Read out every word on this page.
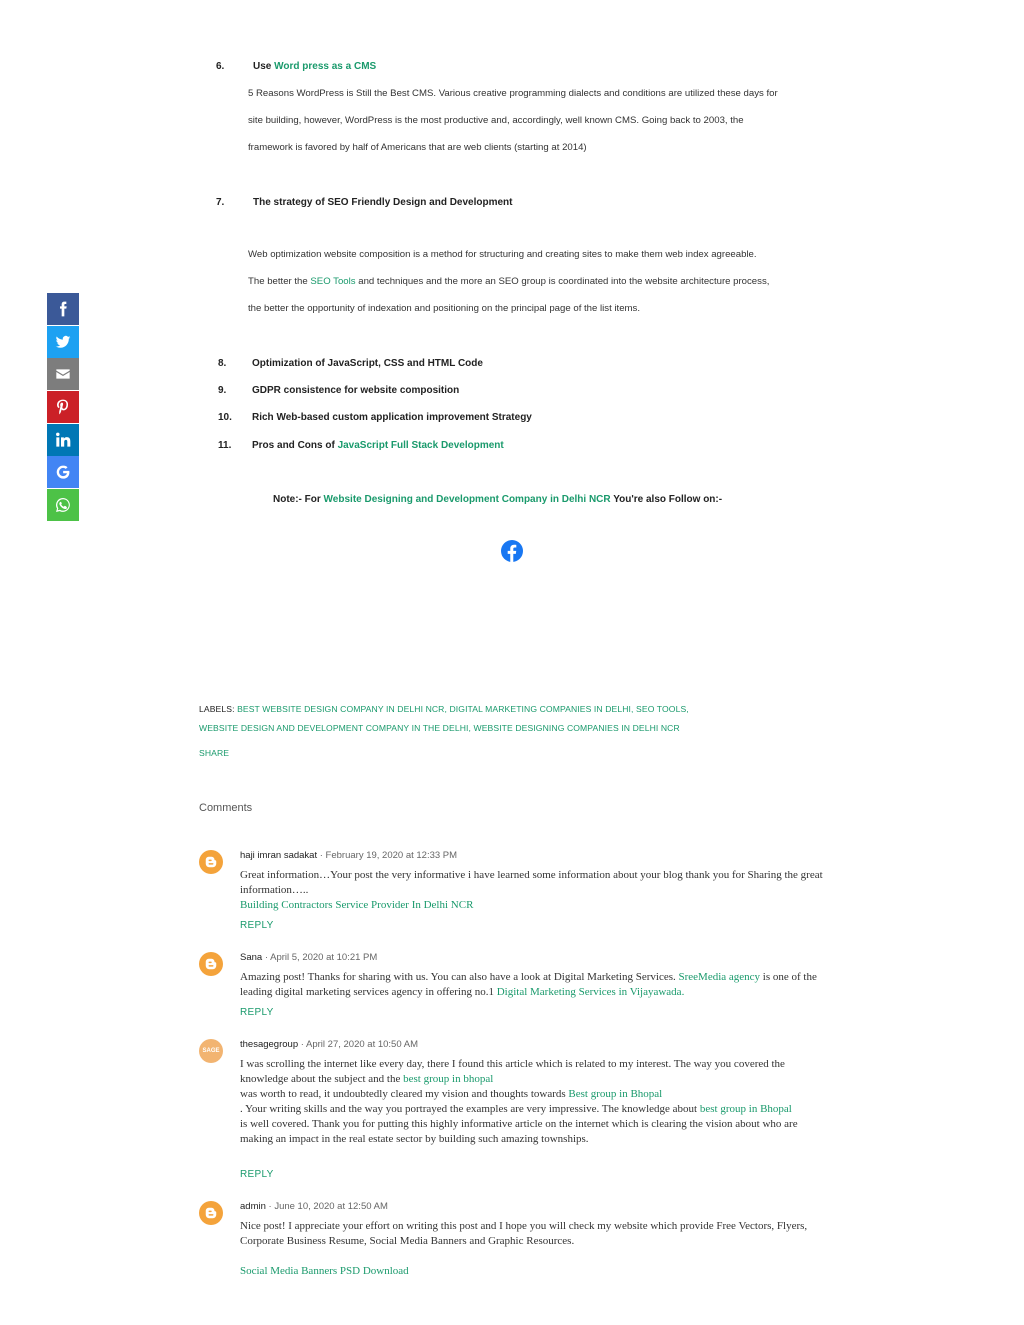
6.	Use Word press as a CMS
5 Reasons WordPress is Still the Best CMS. Various creative programming dialects and conditions are utilized these days for
site building, however, WordPress is the most productive and, accordingly, well known CMS. Going back to 2003, the
framework is favored by half of Americans that are web clients (starting at 2014)
7.	The strategy of SEO Friendly Design and Development
Web optimization website composition is a method for structuring and creating sites to make them web index agreeable.
The better the SEO Tools and techniques and the more an SEO group is coordinated into the website architecture process,
the better the opportunity of indexation and positioning on the principal page of the list items.
8.	Optimization of JavaScript, CSS and HTML Code
9.	GDPR consistence for website composition
10. Rich Web-based custom application improvement Strategy
11. Pros and Cons of JavaScript Full Stack Development
Note:- For Website Designing and Development Company in Delhi NCR You're also Follow on:-
LABELS: BEST WEBSITE DESIGN COMPANY IN DELHI NCR, DIGITAL MARKETING COMPANIES IN DELHI, SEO TOOLS,
WEBSITE DESIGN AND DEVELOPMENT COMPANY IN THE DELHI, WEBSITE DESIGNING COMPANIES IN DELHI NCR
SHARE
Comments
haji imran sadakat · February 19, 2020 at 12:33 PM
Great information…Your post the very informative i have learned some information about your blog thank you for Sharing the great information…..
Building Contractors Service Provider In Delhi NCR
REPLY
Sana · April 5, 2020 at 10:21 PM
Amazing post! Thanks for sharing with us. You can also have a look at Digital Marketing Services. SreeMedia agency is one of the leading digital marketing services agency in offering no.1 Digital Marketing Services in Vijayawada.
REPLY
SAGE
thesagegroup · April 27, 2020 at 10:50 AM
I was scrolling the internet like every day, there I found this article which is related to my interest. The way you covered the knowledge about the subject and the best group in bhopal
was worth to read, it undoubtedly cleared my vision and thoughts towards Best group in Bhopal
. Your writing skills and the way you portrayed the examples are very impressive. The knowledge about best group in Bhopal
is well covered. Thank you for putting this highly informative article on the internet which is clearing the vision about who are making an impact in the real estate sector by building such amazing townships.
REPLY
admin · June 10, 2020 at 12:50 AM
Nice post! I appreciate your effort on writing this post and I hope you will check my website which provide Free Vectors, Flyers, Corporate Business Resume, Social Media Banners and Graphic Resources.
Social Media Banners PSD Download
